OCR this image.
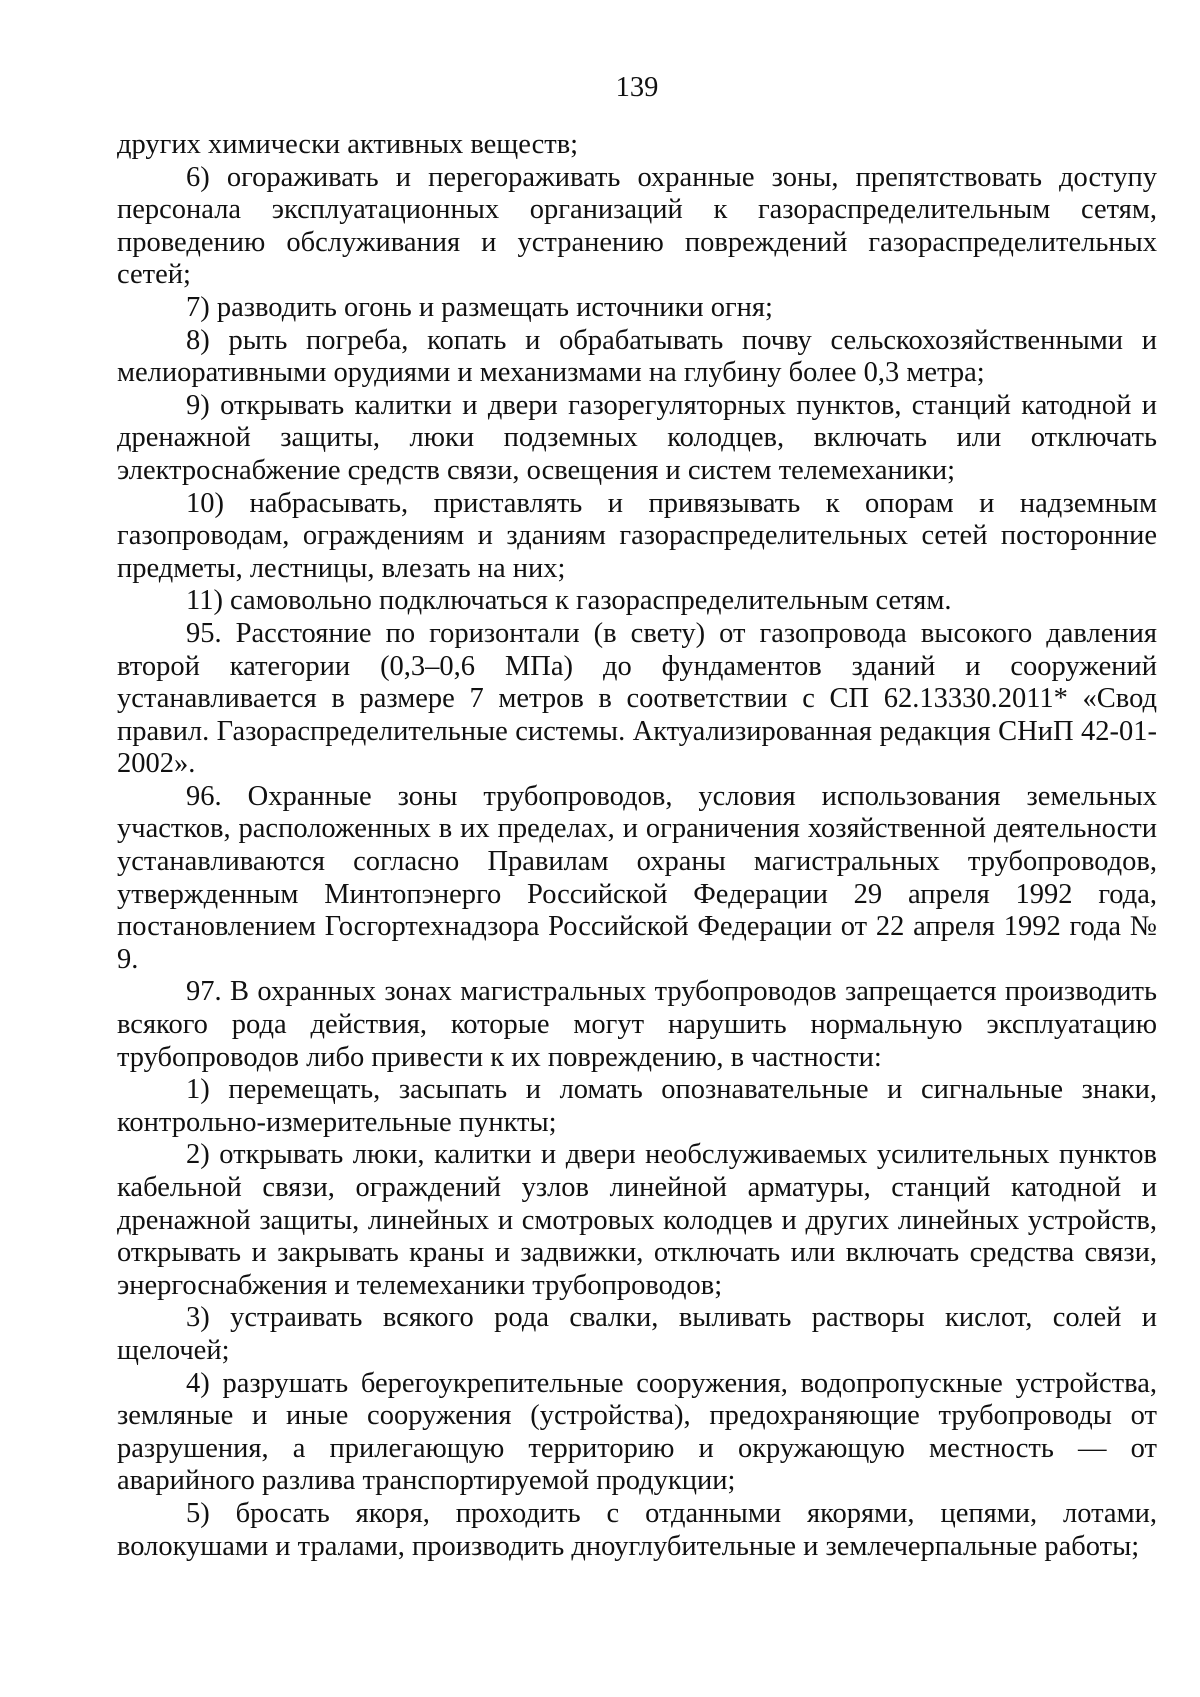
139

других химически активных веществ;

6) огораживать и перегораживать охранные зоны, препятствовать доступу персонала эксплуатационных организаций к газораспределительным сетям, проведению обслуживания и устранению повреждений газораспределительных сетей;

7) разводить огонь и размещать источники огня;

8) рыть погреба, копать и обрабатывать почву сельскохозяйственными и мелиоративными орудиями и механизмами на глубину более 0,3 метра;

9) открывать калитки и двери газорегуляторных пунктов, станций катодной и дренажной защиты, люки подземных колодцев, включать или отключать электроснабжение средств связи, освещения и систем телемеханики;

10) набрасывать, приставлять и привязывать к опорам и надземным газопроводам, ограждениям и зданиям газораспределительных сетей посторонние предметы, лестницы, влезать на них;

11) самовольно подключаться к газораспределительным сетям.

95. Расстояние по горизонтали (в свету) от газопровода высокого давления второй категории (0,3–0,6 МПа) до фундаментов зданий и сооружений устанавливается в размере 7 метров в соответствии с СП 62.13330.2011* «Свод правил. Газораспределительные системы. Актуализированная редакция СНиП 42-01-2002».

96. Охранные зоны трубопроводов, условия использования земельных участков, расположенных в их пределах, и ограничения хозяйственной деятельности устанавливаются согласно Правилам охраны магистральных трубопроводов, утвержденным Минтопэнерго Российской Федерации 29 апреля 1992 года, постановлением Госгортехнадзора Российской Федерации от 22 апреля 1992 года № 9.

97. В охранных зонах магистральных трубопроводов запрещается производить всякого рода действия, которые могут нарушить нормальную эксплуатацию трубопроводов либо привести к их повреждению, в частности:

1) перемещать, засыпать и ломать опознавательные и сигнальные знаки, контрольно-измерительные пункты;

2) открывать люки, калитки и двери необслуживаемых усилительных пунктов кабельной связи, ограждений узлов линейной арматуры, станций катодной и дренажной защиты, линейных и смотровых колодцев и других линейных устройств, открывать и закрывать краны и задвижки, отключать или включать средства связи, энергоснабжения и телемеханики трубопроводов;

3) устраивать всякого рода свалки, выливать растворы кислот, солей и щелочей;

4) разрушать берегоукрепительные сооружения, водопропускные устройства, земляные и иные сооружения (устройства), предохраняющие трубопроводы от разрушения, а прилегающую территорию и окружающую местность — от аварийного разлива транспортируемой продукции;

5) бросать якоря, проходить с отданными якорями, цепями, лотами, волокушами и тралами, производить дноуглубительные и землечерпальные работы;
